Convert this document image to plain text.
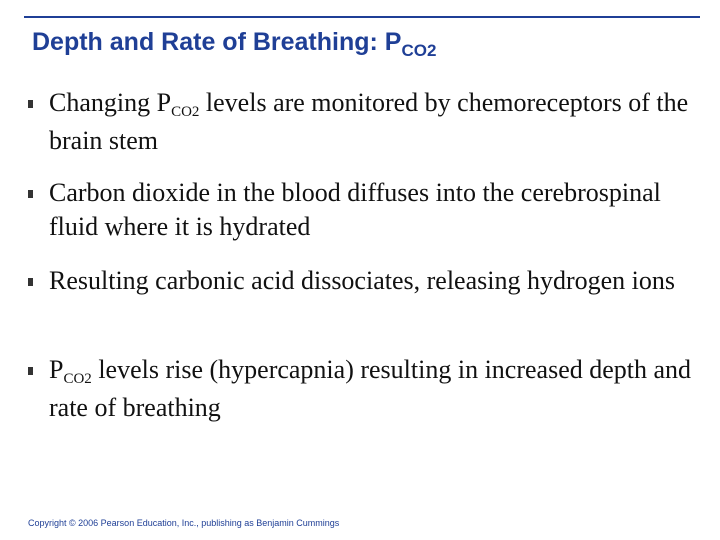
Depth and Rate of Breathing: $P_{CO2}$
Changing PCO2 levels are monitored by chemoreceptors of the brain stem
Carbon dioxide in the blood diffuses into the cerebrospinal fluid where it is hydrated
Resulting carbonic acid dissociates, releasing hydrogen ions
PCO2 levels rise (hypercapnia) resulting in increased depth and rate of breathing
Copyright © 2006 Pearson Education, Inc., publishing as Benjamin Cummings
